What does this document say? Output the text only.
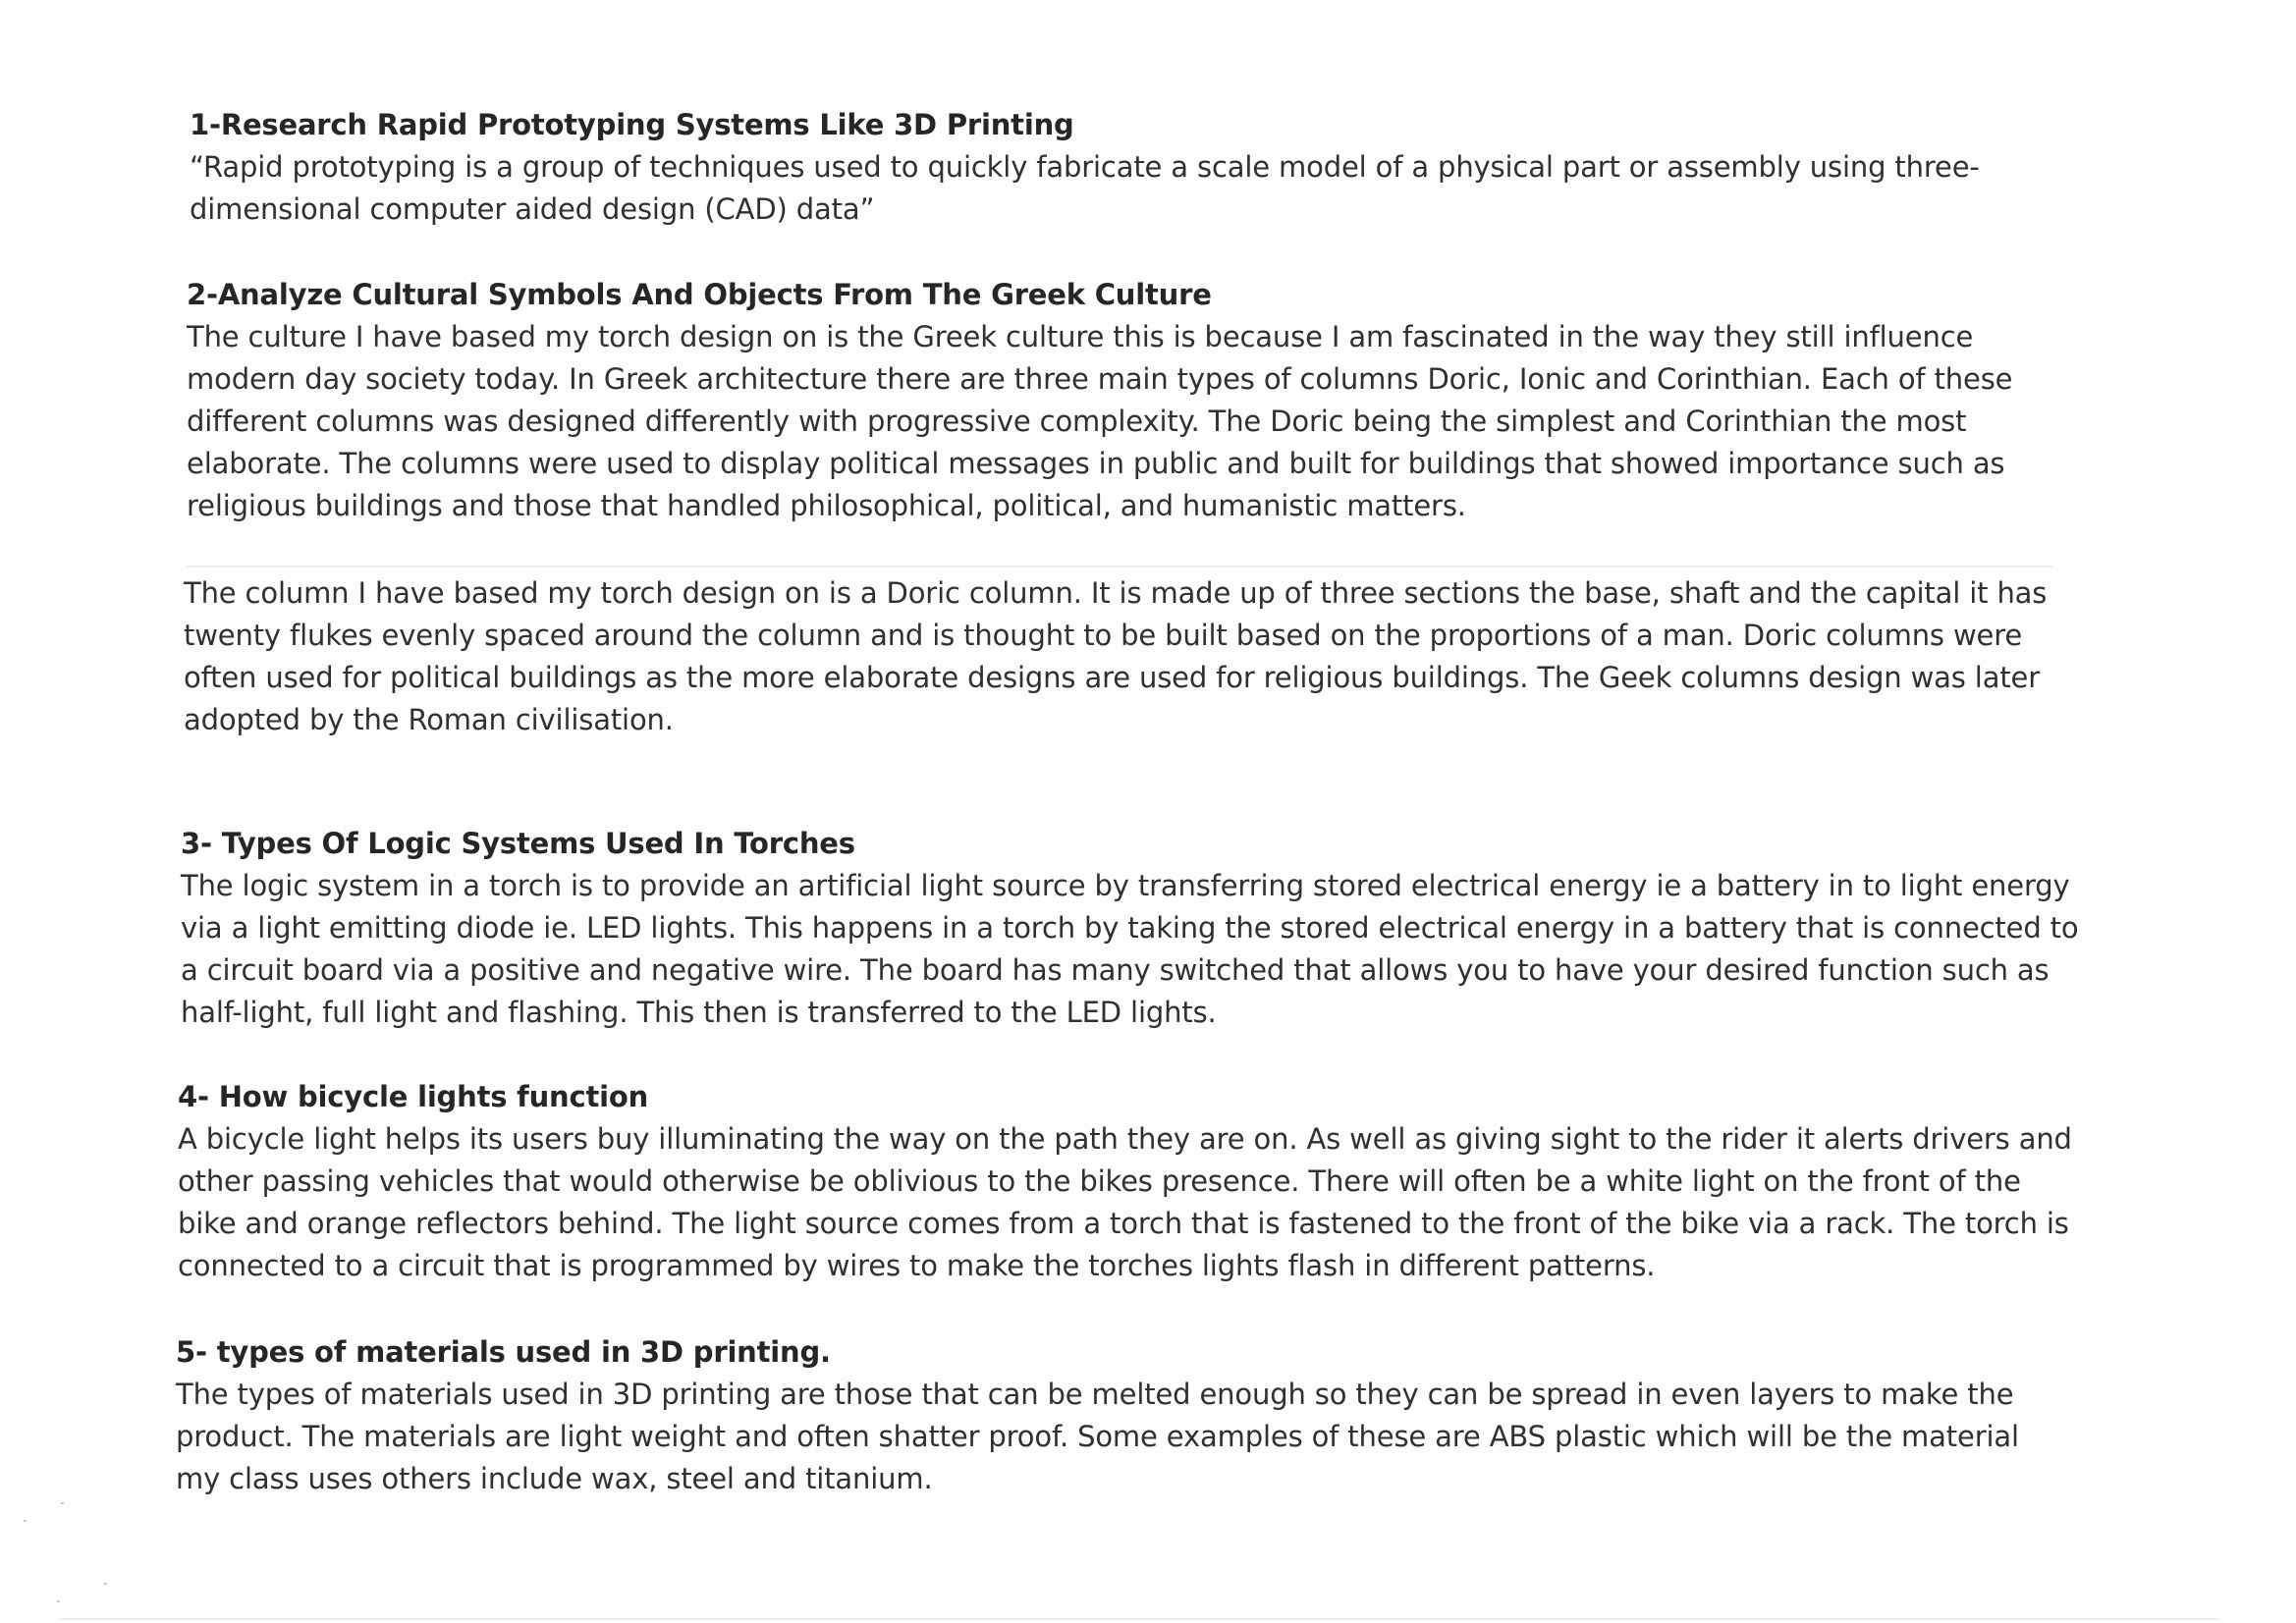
1-Research Rapid Prototyping Systems Like 3D Printing

“Rapid prototyping is a group of techniques used to quickly fabricate a scale model of a physical part or assembly using three-
dimensional computer aided design (CAD) data”

2-Analyze Cultural Symbols And Objects From The Greek Culture

The culture I have based my torch design on is the Greek culture this is because I am fascinated in the way they still influence
modern day society today. In Greek architecture there are three main types of columns Doric, Ionic and Corinthian. Each of these
different columns was designed differently with progressive complexity. The Doric being the simplest and Corinthian the most
elaborate. The columns were used to display political messages in public and built for buildings that showed importance such as
religious buildings and those that handled philosophical, political, and humanistic matters.

The column I have based my torch design on is a Doric column. It is made up of three sections the base, shaft and the capital it has
twenty flukes evenly spaced around the column and is thought to be built based on the proportions of a man. Doric columns were
often used for political buildings as the more elaborate designs are used for religious buildings. The Geek columns design was later
adopted by the Roman civilisation.

3- Types Of Logic Systems Used In Torches

The logic system in a torch is to provide an artificial light source by transferring stored electrical energy ie a battery in to light energy
via a light emitting diode ie. LED lights. This happens in a torch by taking the stored electrical energy in a battery that is connected to
a circuit board via a positive and negative wire. The board has many switched that allows you to have your desired function such as
half-light, full light and flashing. This then is transferred to the LED lights.

4- How bicycle lights function

A bicycle light helps its users buy illuminating the way on the path they are on. As well as giving sight to the rider it alerts drivers and
other passing vehicles that would otherwise be oblivious to the bikes presence. There will often be a white light on the front of the
bike and orange reflectors behind. The light source comes from a torch that is fastened to the front of the bike via a rack. The torch is
connected to a circuit that is programmed by wires to make the torches lights flash in different patterns.

5- types of materials used in 3D printing.

The types of materials used in 3D printing are those that can be melted enough so they can be spread in even layers to make the
product. The materials are light weight and often shatter proof. Some examples of these are ABS plastic which will be the material
my class uses others include wax, steel and titanium.
